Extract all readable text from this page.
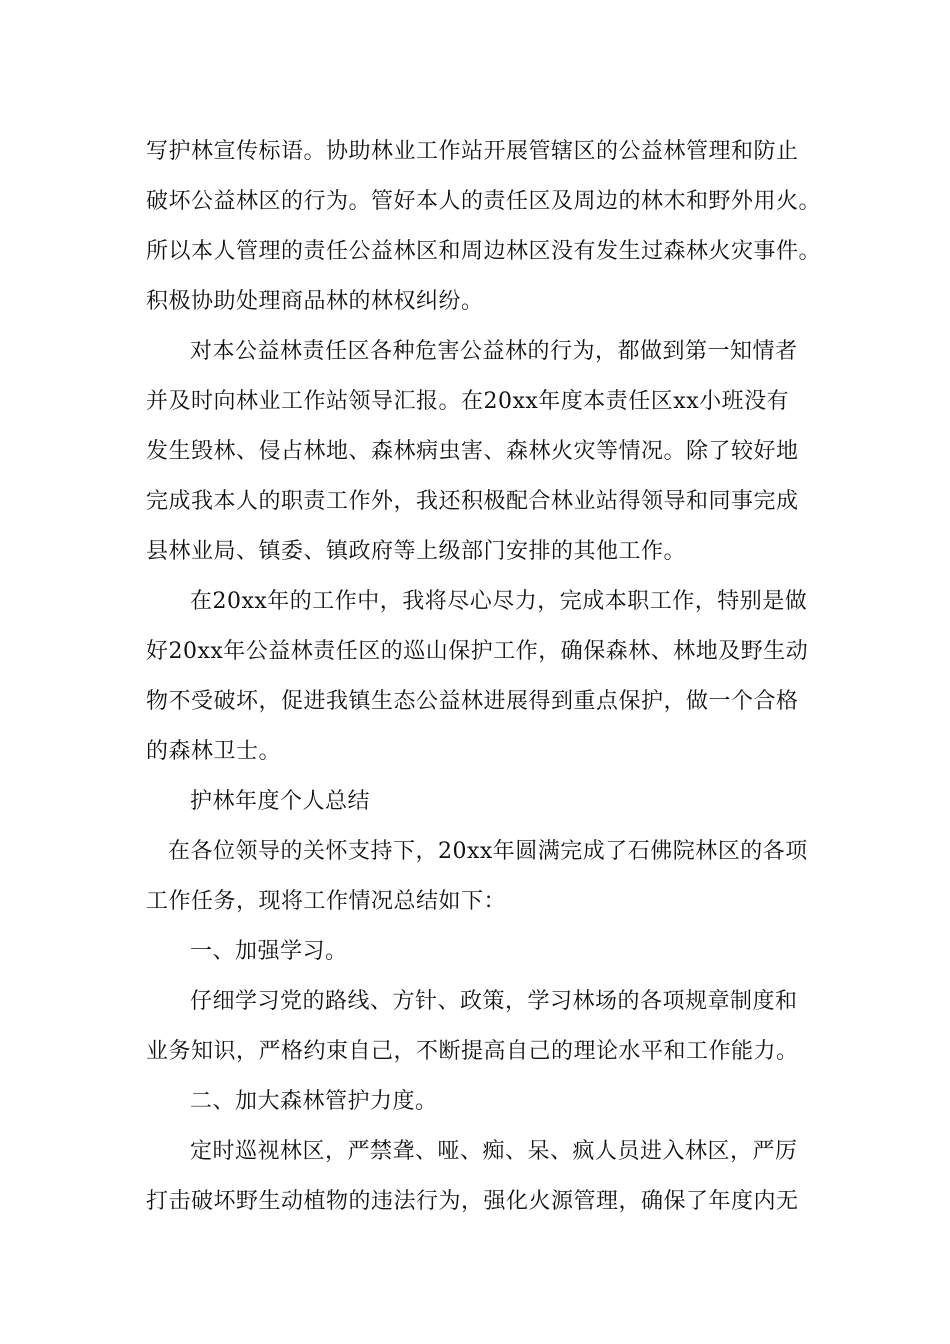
写护林宣传标语。协助林业工作站开展管辖区的公益林管理和防止
破坏公益林区的行为。管好本人的责任区及周边的林木和野外用火。
所以本人管理的责任公益林区和周边林区没有发生过森林火灾事件。
积极协助处理商品林的林权纠纷。
对本公益林责任区各种危害公益林的行为，都做到第一知情者
并及时向林业工作站领导汇报。在20xx年度本责任区xx小班没有
发生毁林、侵占林地、森林病虫害、森林火灾等情况。除了较好地
完成我本人的职责工作外，我还积极配合林业站得领导和同事完成
县林业局、镇委、镇政府等上级部门安排的其他工作。
在20xx年的工作中，我将尽心尽力，完成本职工作，特别是做
好20xx年公益林责任区的巡山保护工作，确保森林、林地及野生动
物不受破坏，促进我镇生态公益林进展得到重点保护，做一个合格
的森林卫士。
护林年度个人总结
在各位领导的关怀支持下，20xx年圆满完成了石佛院林区的各项
工作任务，现将工作情况总结如下：
一、加强学习。
仔细学习党的路线、方针、政策，学习林场的各项规章制度和
业务知识，严格约束自己，不断提高自己的理论水平和工作能力。
二、加大森林管护力度。
定时巡视林区，严禁聋、哑、痴、呆、疯人员进入林区，严厉
打击破坏野生动植物的违法行为，强化火源管理，确保了年度内无
